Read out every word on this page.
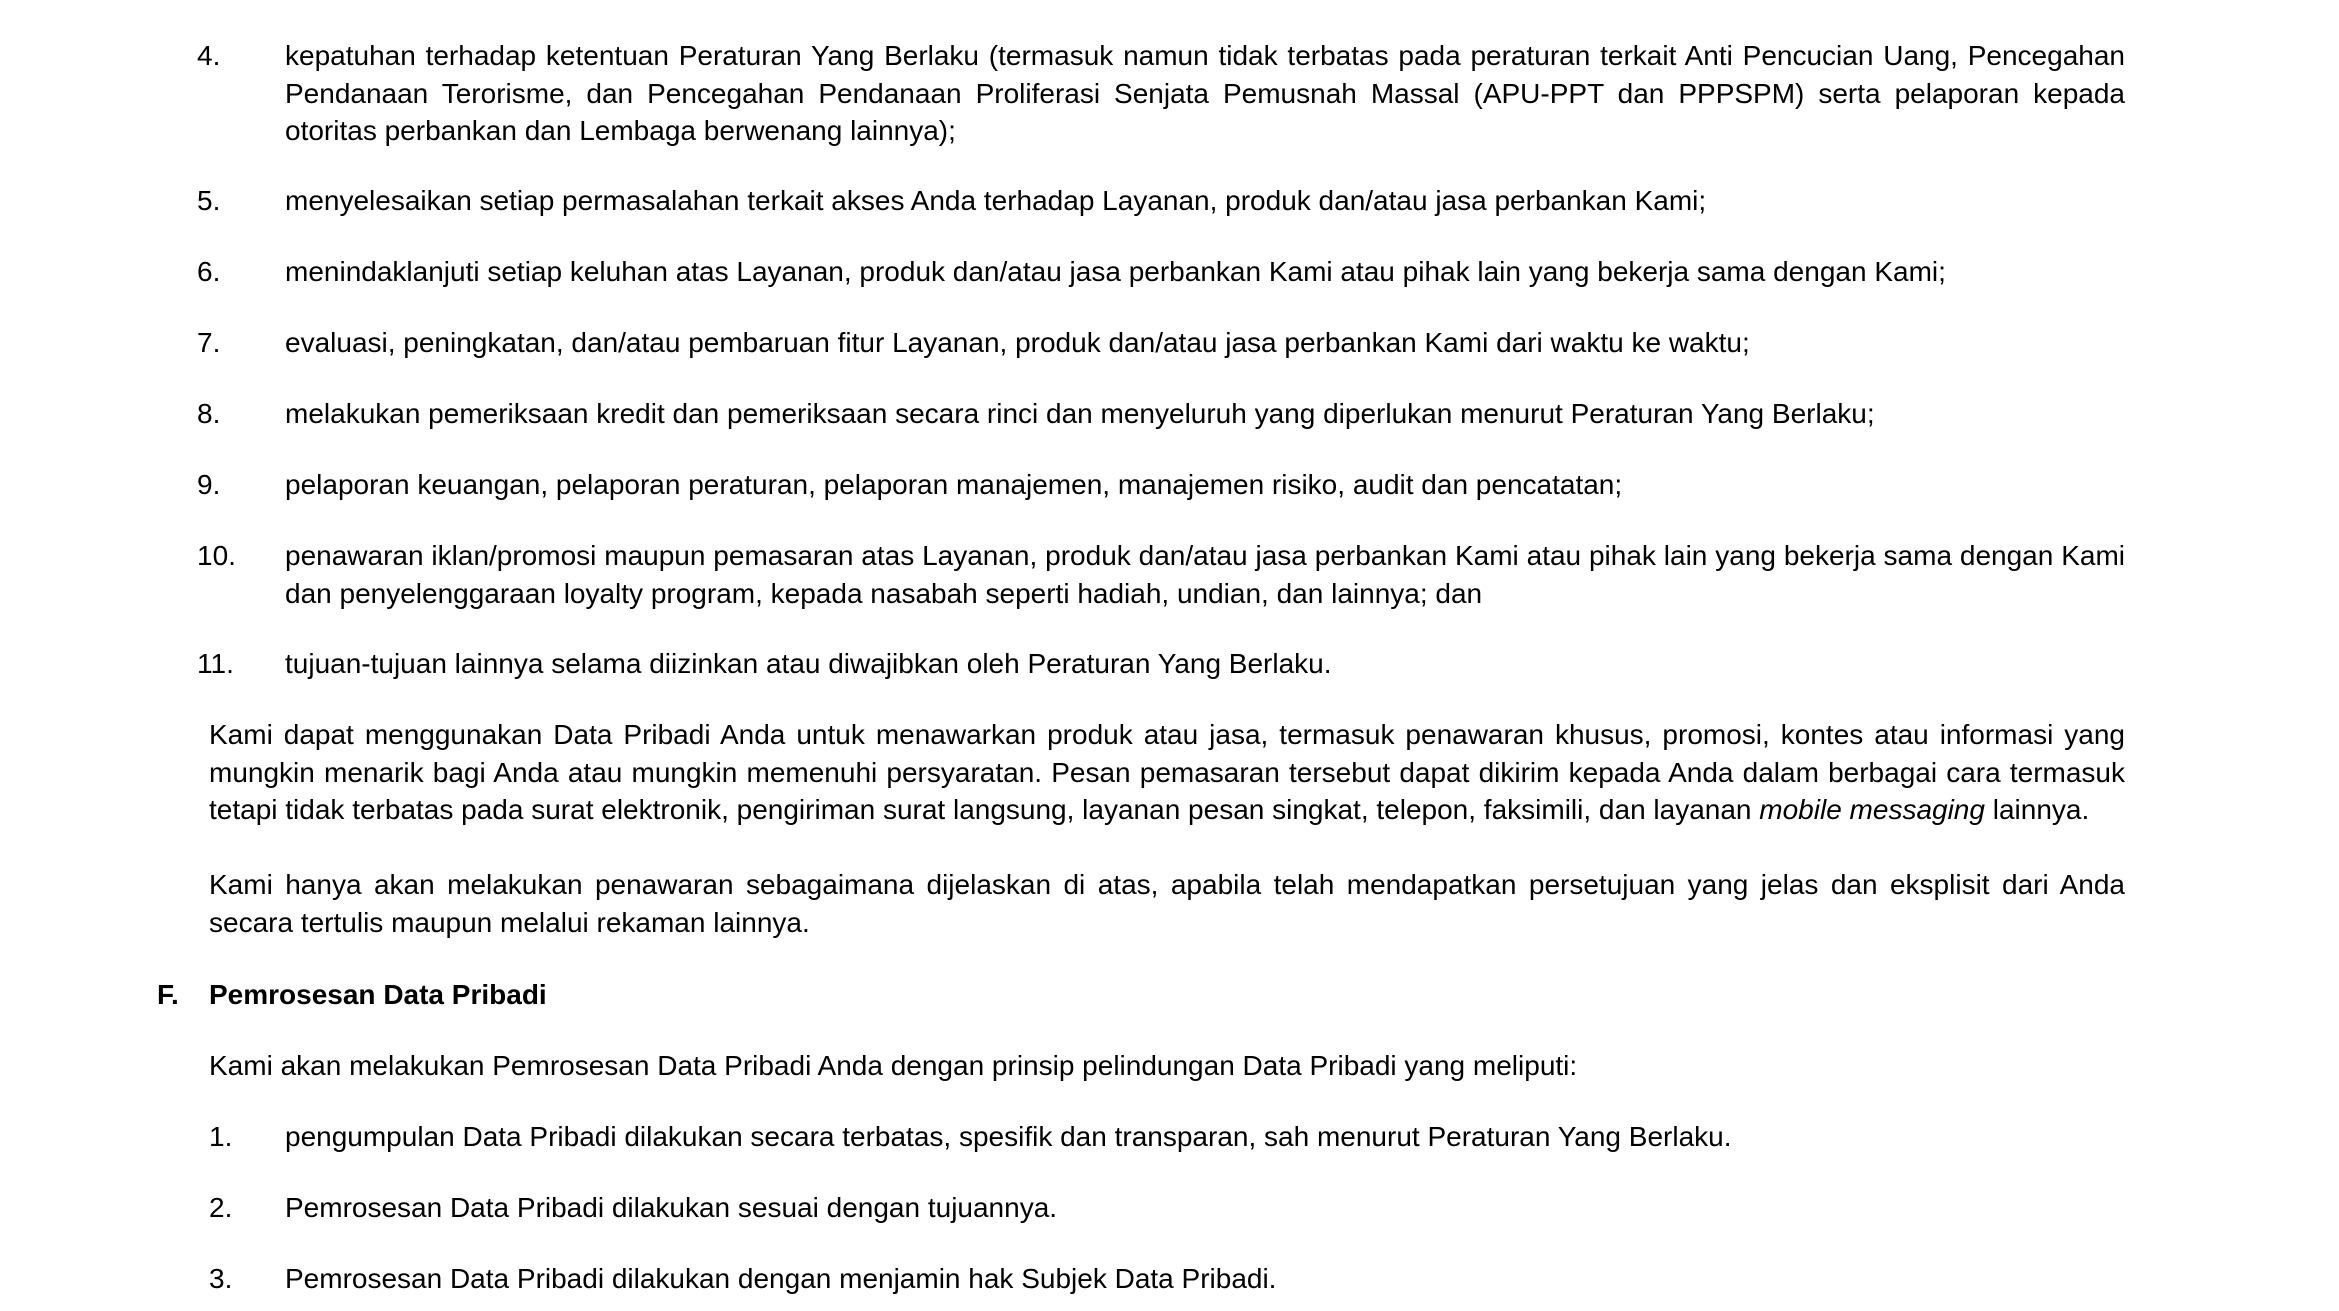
4. kepatuhan terhadap ketentuan Peraturan Yang Berlaku (termasuk namun tidak terbatas pada peraturan terkait Anti Pencucian Uang, Pencegahan Pendanaan Terorisme, dan Pencegahan Pendanaan Proliferasi Senjata Pemusnah Massal (APU-PPT dan PPPSPM) serta pelaporan kepada otoritas perbankan dan Lembaga berwenang lainnya);
5. menyelesaikan setiap permasalahan terkait akses Anda terhadap Layanan, produk dan/atau jasa perbankan Kami;
6. menindaklanjuti setiap keluhan atas Layanan, produk dan/atau jasa perbankan Kami atau pihak lain yang bekerja sama dengan Kami;
7. evaluasi, peningkatan, dan/atau pembaruan fitur Layanan, produk dan/atau jasa perbankan Kami dari waktu ke waktu;
8. melakukan pemeriksaan kredit dan pemeriksaan secara rinci dan menyeluruh yang diperlukan menurut Peraturan Yang Berlaku;
9. pelaporan keuangan, pelaporan peraturan, pelaporan manajemen, manajemen risiko, audit dan pencatatan;
10. penawaran iklan/promosi maupun pemasaran atas Layanan, produk dan/atau jasa perbankan Kami atau pihak lain yang bekerja sama dengan Kami dan penyelenggaraan loyalty program, kepada nasabah seperti hadiah, undian, dan lainnya; dan
11. tujuan-tujuan lainnya selama diizinkan atau diwajibkan oleh Peraturan Yang Berlaku.

Kami dapat menggunakan Data Pribadi Anda untuk menawarkan produk atau jasa, termasuk penawaran khusus, promosi, kontes atau informasi yang mungkin menarik bagi Anda atau mungkin memenuhi persyaratan. Pesan pemasaran tersebut dapat dikirim kepada Anda dalam berbagai cara termasuk tetapi tidak terbatas pada surat elektronik, pengiriman surat langsung, layanan pesan singkat, telepon, faksimili, dan layanan mobile messaging lainnya.

Kami hanya akan melakukan penawaran sebagaimana dijelaskan di atas, apabila telah mendapatkan persetujuan yang jelas dan eksplisit dari Anda secara tertulis maupun melalui rekaman lainnya.

F. Pemrosesan Data Pribadi

Kami akan melakukan Pemrosesan Data Pribadi Anda dengan prinsip pelindungan Data Pribadi yang meliputi:

1. pengumpulan Data Pribadi dilakukan secara terbatas, spesifik dan transparan, sah menurut Peraturan Yang Berlaku.
2. Pemrosesan Data Pribadi dilakukan sesuai dengan tujuannya.
3. Pemrosesan Data Pribadi dilakukan dengan menjamin hak Subjek Data Pribadi.
